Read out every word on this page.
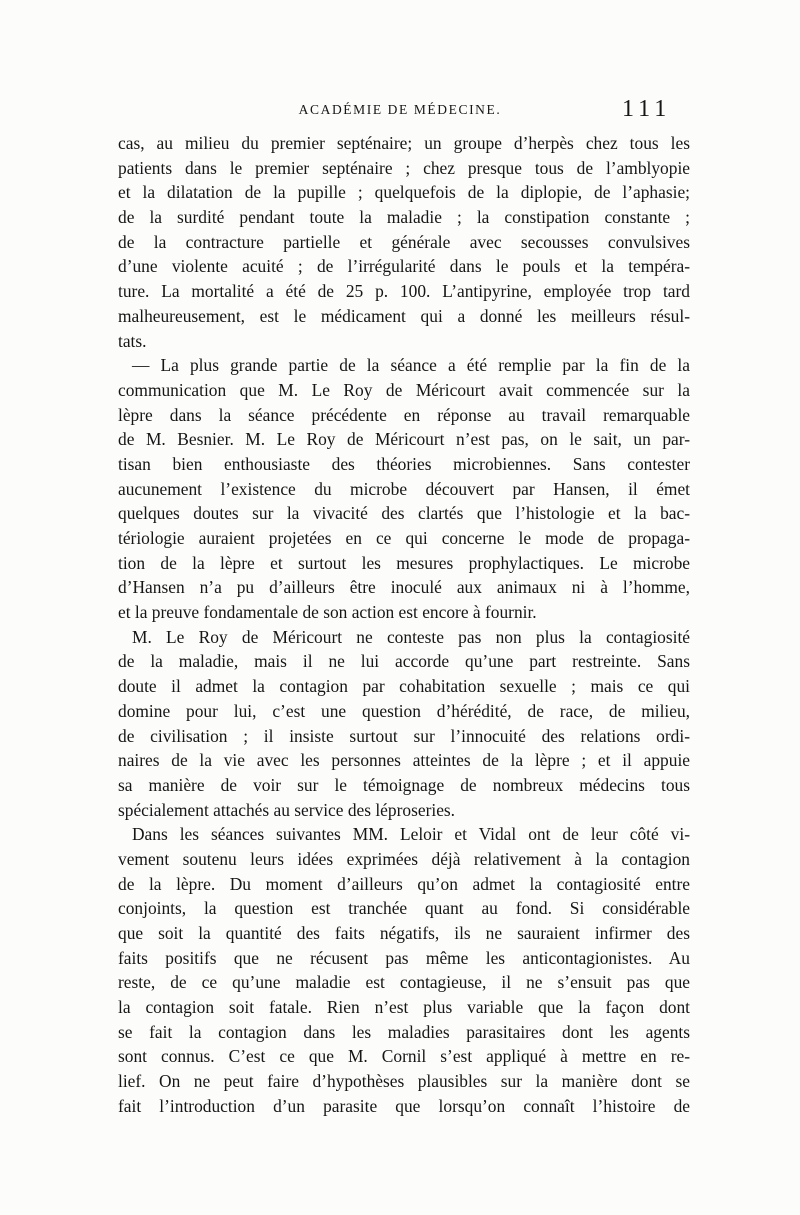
ACADÉMIE DE MÉDECINE.	111
cas, au milieu du premier septénaire; un groupe d’herpès chez tous les
patients dans le premier septénaire ; chez presque tous de l’amblyopie
et la dilatation de la pupille ; quelquefois de la diplopie, de l’aphasie;
de la surdité pendant toute la maladie ; la constipation constante ;
de la contracture partielle et générale avec secousses convulsives
d’une violente acuité ; de l’irrégularité dans le pouls et la tempéra-
ture. La mortalité a été de 25 p. 100. L’antipyrine, employée trop tard
malheureusement, est le médicament qui a donné les meilleurs résul-
tats.
— La plus grande partie de la séance a été remplie par la fin de la
communication que M. Le Roy de Méricourt avait commencée sur la
lèpre dans la séance précédente en réponse au travail remarquable
de M. Besnier. M. Le Roy de Méricourt n’est pas, on le sait, un par-
tisan bien enthousiaste des théories microbiennes. Sans contester
aucunement l’existence du microbe découvert par Hansen, il émet
quelques doutes sur la vivacité des clartés que l’histologie et la bac-
tériologie auraient projetées en ce qui concerne le mode de propaga-
tion de la lèpre et surtout les mesures prophylactiques. Le microbe
d’Hansen n’a pu d’ailleurs être inoculé aux animaux ni à l’homme,
et la preuve fondamentale de son action est encore à fournir.
M. Le Roy de Méricourt ne conteste pas non plus la contagiosité
de la maladie, mais il ne lui accorde qu’une part restreinte. Sans
doute il admet la contagion par cohabitation sexuelle ; mais ce qui
domine pour lui, c’est une question d’hérédité, de race, de milieu,
de civilisation ; il insiste surtout sur l’innocuité des relations ordi-
naires de la vie avec les personnes atteintes de la lèpre ; et il appuie
sa manière de voir sur le témoignage de nombreux médecins tous
spécialement attachés au service des léproseries.
Dans les séances suivantes MM. Leloir et Vidal ont de leur côté vi-
vement soutenu leurs idées exprimées déjà relativement à la contagion
de la lèpre. Du moment d’ailleurs qu’on admet la contagiosité entre
conjoints, la question est tranchée quant au fond. Si considérable
que soit la quantité des faits négatifs, ils ne sauraient infirmer des
faits positifs que ne récusent pas même les anticontagionistes. Au
reste, de ce qu’une maladie est contagieuse, il ne s’ensuit pas que
la contagion soit fatale. Rien n’est plus variable que la façon dont
se fait la contagion dans les maladies parasitaires dont les agents
sont connus. C’est ce que M. Cornil s’est appliqué à mettre en re-
lief. On ne peut faire d’hypothèses plausibles sur la manière dont se
fait l’introduction d’un parasite que lorsqu’on connaît l’histoire de
